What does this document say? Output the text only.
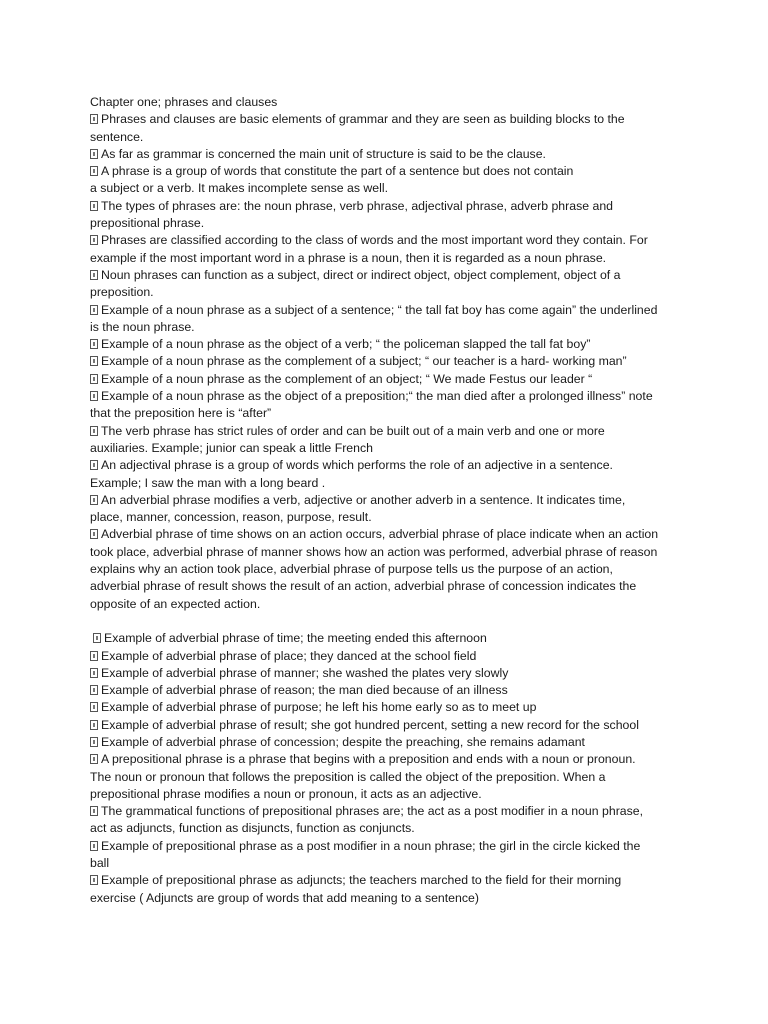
Chapter one; phrases and clauses
Phrases and clauses are basic elements of grammar and they are seen as building blocks to the
sentence.
As far as grammar is concerned the main unit of structure is said to be the clause.
A phrase is a group of words that constitute the part of a sentence but does not contain
a subject or a verb. It makes incomplete sense as well.
The types of phrases are: the noun phrase, verb phrase, adjectival phrase, adverb phrase and
prepositional phrase.
Phrases are classified according to the class of words and the most important word they contain. For
example if the most important word in a phrase is a noun, then it is regarded as a noun phrase.
Noun phrases can function as a subject, direct or indirect object, object complement, object of a
preposition.
Example of a noun phrase as a subject of a sentence; “ the tall fat boy has come again” the underlined
is the noun phrase.
Example of a noun phrase as the object of a verb; “ the policeman slapped the tall fat boy”
Example of a noun phrase as the complement of a subject; “ our teacher is a hard- working man”
Example of a noun phrase as the complement of an object; “ We made Festus our leader “
Example of a noun phrase as the object of a preposition;“ the man died after a prolonged illness” note
that the preposition here is “after”
The verb phrase has strict rules of order and can be built out of a main verb and one or more
auxiliaries. Example; junior can speak a little French
An adjectival phrase is a group of words which performs the role of an adjective in a sentence.
Example; I saw the man with a long beard .
An adverbial phrase modifies a verb, adjective or another adverb in a sentence. It indicates time,
place, manner, concession, reason, purpose, result.
Adverbial phrase of time shows on an action occurs, adverbial phrase of place indicate when an action
took place, adverbial phrase of manner shows how an action was performed, adverbial phrase of reason
explains why an action took place, adverbial phrase of purpose tells us the purpose of an action,
adverbial phrase of result shows the result of an action, adverbial phrase of concession indicates the
opposite of an expected action.
Example of adverbial phrase of time; the meeting ended this afternoon
Example of adverbial phrase of place; they danced at the school field
Example of adverbial phrase of manner; she washed the plates very slowly
Example of adverbial phrase of reason; the man died because of an illness
Example of adverbial phrase of purpose; he left his home early so as to meet up
Example of adverbial phrase of result; she got hundred percent, setting a new record for the school
Example of adverbial phrase of concession; despite the preaching, she remains adamant
A prepositional phrase is a phrase that begins with a preposition and ends with a noun or pronoun.
The noun or pronoun that follows the preposition is called the object of the preposition. When a
prepositional phrase modifies a noun or pronoun, it acts as an adjective.
The grammatical functions of prepositional phrases are; the act as a post modifier in a noun phrase,
act as adjuncts, function as disjuncts, function as conjuncts.
Example of prepositional phrase as a post modifier in a noun phrase; the girl in the circle kicked the
ball
Example of prepositional phrase as adjuncts; the teachers marched to the field for their morning
exercise ( Adjuncts are group of words that add meaning to a sentence)
